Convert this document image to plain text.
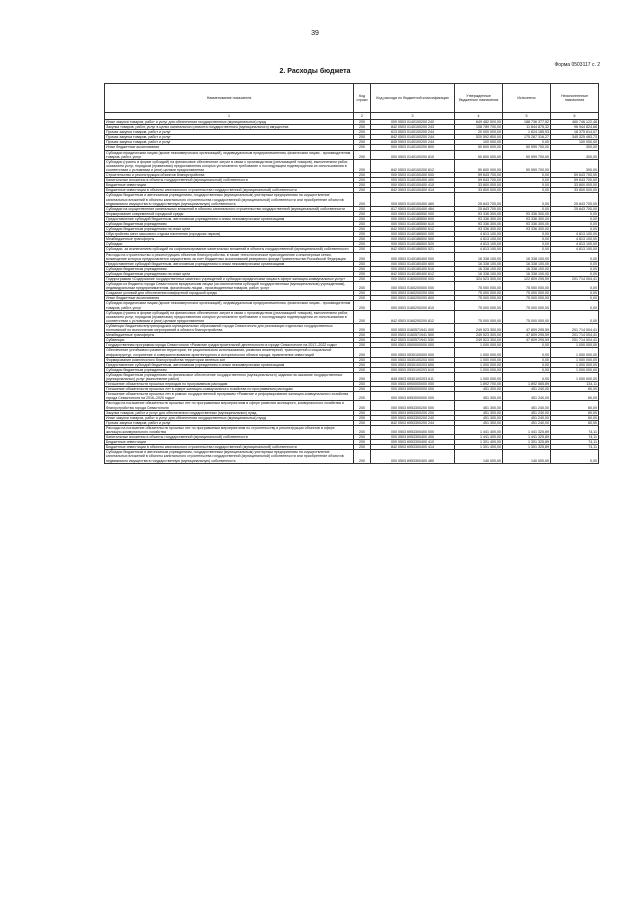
39
Форма 0503117 с. 2
2. Расходы бюджета
Наименование показателя	Код строки	Код расхода по бюджетной классификации	Утвержденные бюджетные назначения	Исполнено	Неисполненные назначения
1	2	3	4	5	6
Иные закупки товаров, работ и услуг для обеспечения государственных (муниципальных) нужд	200	000 0503 0140100200 240	649 482 500,00	188 736 377,52	460 746 122,48
Закупка товаров, работ, услуг в целях капитального ремонта государственного (муниципального) имущества	200	842 0503 0140100200 243	108 789 700,00	11 844 875,32	96 944 824,68
Прочая закупка товаров, работ и услуг	200	613 0503 0140100200 244	20 000 000,00	1 624 185,93	18 375 814,07
Прочая закупка товаров, работ и услуг	200	842 0503 0140100200 244	520 592 800,00	175 267 316,27	345 325 483,73
Прочая закупка товаров, работ и услуг	200	845 0503 0140100200 244	100 000,00	0,00	100 000,00
Иные бюджетные ассигнования	200	000 0503 0140100200 800	50 600 000,00	50 599 700,00	300,00
Субсидии юридическим лицам (кроме некоммерческих организаций), индивидуальным предпринимателям, физическим лицам - производителям товаров, работ, услуг	200	000 0503 0140100200 810	50 600 000,00	50 599 700,00	300,00
Субсидии (гранты в форме субсидий) на финансовое обеспечение затрат в связи с производством (реализацией товаров), выполнением работ, оказанием услуг, порядком (правилами) предоставления которых установлено требование о последующем подтверждении их использования в соответствии с условиями и (или) целями предоставления	200	842 0503 0140100200 812	50 600 000,00	50 599 700,00	300,00
Строительство и реконструкция объектов благоустройства	200	000 0503 0140100400 000	59 643 700,00	0,00	59 643 700,00
Капитальные вложения в объекты государственной (муниципальной) собственности	200	000 0503 0140100400 400	59 643 700,00	0,00	59 643 700,00
Бюджетные инвестиции	200	000 0503 0140100400 410	33 800 000,00	0,00	33 800 000,00
Бюджетные инвестиции в объекты капитального строительства государственной (муниципальной) собственности	200	842 0503 0140100400 414	33 800 000,00	0,00	33 800 000,00
Субсидии бюджетным и автономным учреждениям, государственным (муниципальным) унитарным предприятиям на осуществление капитальных вложений в объекты капитального строительства государственной (муниципальной) собственности или приобретение объектов недвижимого имущества в государственную (муниципальную) собственность	200	000 0503 0140100400 460	25 843 700,00	0,00	25 843 700,00
Субсидии на осуществление капитальных вложений в объекты капитального строительства государственной (муниципальной) собственности	200	817 0503 0140100400 464	25 843 700,00	0,00	25 843 700,00
Формирование современной городской среды	200	000 0503 0140185550 000	93 336 300,00	93 336 300,00	0,00
Предоставление субсидий бюджетным, автономным учреждениям и иным некоммерческим организациям	200	000 0503 0140185550 600	93 336 300,00	93 336 300,00	0,00
Субсидии бюджетным учреждениям	200	000 0503 0140185550 610	93 336 300,00	93 336 300,00	0,00
Субсидии бюджетным учреждениям на иные цели	200	842 0503 0140185550 612	93 336 300,00	93 336 300,00	0,00
Обустройство мест массового отдыха населения (городских парков)	200	000 0503 0140186500 000	4 813 100,00	0,00	4 813 100,00
Межбюджетные трансферты	200	000 0503 0140186500 500	4 813 100,00	0,00	4 813 100,00
Субсидии	200	000 0503 0140186500 520	4 813 100,00	0,00	4 813 100,00
Субсидии, за исключением субсидий на софинансирование капитальных вложений в объекты государственной (муниципальной) собственности	200	842 0503 0140186500 521	4 813 100,00	0,00	4 813 100,00
Расходы на строительство и реконструкцию объектов благоустройства, в также технологическое присоединение к инженерным сетям, возмещение которых предполагается осуществить за счет бюджетных ассигнований резервного фонда Правительства Российской Федерации	200	000 0503 0140180400 000	16 338 100,00	16 338 100,00	0,00
Предоставление субсидий бюджетным, автономным учреждениям и иным некоммерческим организациям	200	000 0503 0140180400 600	16 338 100,00	16 338 100,00	0,00
Субсидии бюджетным учреждениям	200	000 0503 0140180400 610	16 338 100,00	16 338 100,00	0,00
Субсидии бюджетным учреждениям на иные цели	200	842 0503 0140180400 612	16 338 100,00	16 338 100,00	0,00
Подпрограмма «Содержание государственных казенных учреждений и субсидии юридическим лицам в сфере жилищно-коммунальных услуг»	200	000 0503 0160000000 000	324 523 300,00	122 809 295,59	201 714 004,41
Субсидии из бюджета города Севастополя юридическим лицам (за исключением субсидий государственным (муниципальным) учреждениям), индивидуальным предпринимателям, физическим лицам - производителям товаров, работ, услуг	200	000 0503 0160200000 000	75 000 000,00	75 000 000,00	0,00
Создание условий для обеспечения комфортной городской среды	200	000 0503 0160200200 000	75 000 000,00	75 000 000,00	0,00
Иные бюджетные ассигнования	200	000 0503 0160200200 800	75 000 000,00	75 000 000,00	0,00
Субсидии юридическим лицам (кроме некоммерческих организаций), индивидуальным предпринимателям, физическим лицам - производителям товаров, работ, услуг	200	000 0503 0160200200 810	75 000 000,00	75 000 000,00	0,00
Субсидии (гранты в форме субсидий) на финансовое обеспечение затрат в связи с производством (реализацией товаров), выполнением работ, оказанием услуг, порядком (правилами) предоставления которых установлено требование о последующем подтверждении их использования в соответствии с условиями и (или) целями предоставления	200	842 0503 0160200200 812	75 000 000,00	75 000 000,00	0,00
Субвенции бюджетам внутригородских муниципальных образований города Севастополя для реализации отдельных государственных полномочий по выполнению мероприятий в области благоустройства	200	000 0503 0160571941 000	249 523 300,00	47 809 295,59	201 714 004,41
Межбюджетные трансферты	200	000 0503 0160571941 500	249 523 300,00	47 809 295,59	201 714 004,41
Субвенции	200	842 0503 0160571941 530	249 523 300,00	47 809 295,59	201 714 004,41
Государственная программа города Севастополя «Развитие градостроительной деятельности в городе Севастополе на 2017–2022 годы»	200	000 0503 0500000000 000	1 000 000,00	0,00	1 000 000,00
Обеспечение устойчивого развития территории, ее рационального использования, развития инженерной, транспортной и социальной инфраструктур, сохранение и совершенствование архитектурного и исторического облика города, привлечение инвестиций	200	000 0503 0530100000 000	1 000 000,00	0,00	1 000 000,00
Формирование комплексного благоустройства территории зеленых зон	200	000 0503 0530100203 000	1 000 000,00	0,00	1 000 000,00
Предоставление субсидий бюджетным, автономным учреждениям и иным некоммерческим организациям	200	000 0503 0530100203 600	1 000 000,00	0,00	1 000 000,00
Субсидии бюджетным учреждениям	200	000 0503 0530100203 610	1 000 000,00	0,00	1 000 000,00
Субсидии бюджетным учреждениям на финансовое обеспечение государственного (муниципального) задания на оказание государственных (муниципальных) услуг (выполнение работ)	200	845 0503 0530100203 611	1 000 000,00	0,00	1 000 000,00
Погашение обязательств прошлых периодов по программным расходам	200	000 0503 6900000000 000	1 892 700,00	1 892 565,89	134,11
Погашение обязательств прошлых лет в сфере жилищно-коммунального хозяйства по программным расходам	200	000 0503 6950000000 000	451 300,00	451 240,00	60,00
Погашение обязательств прошлых лет в рамках государственной программы «Развитие и реформирование жилищно-коммунального хозяйства города Севастополя на 2016–2020 годы»	200	000 0503 6953000000 000	451 300,00	451 240,00	60,00
Расходы на погашение обязательств прошлых лет по программным мероприятиям в сфере развития жилищного, коммунального хозяйства и благоустройства города Севастополя	200	000 0503 6953300200 000	451 300,00	451 240,00	60,00
Закупка товаров, работ и услуг для обеспечения государственных (муниципальных) нужд	200	000 0503 6953300200 200	451 300,00	451 240,00	60,00
Иные закупки товаров, работ и услуг для обеспечения государственных (муниципальных) нужд	200	000 0503 6953300200 240	451 300,00	451 240,00	60,00
Прочая закупка товаров, работ и услуг	200	842 0503 6953300200 244	451 300,00	451 240,00	60,00
Расходы на погашение обязательств прошлых лет по программным мероприятиям по строительству и реконструкции объектов в сфере жилищно-коммунального хозяйства	200	000 0503 6953300400 000	1 441 400,00	1 441 325,89	74,11
Капитальные вложения в объекты государственной (муниципальной) собственности	200	000 0503 6953300400 400	1 441 400,00	1 441 325,89	74,11
Бюджетные инвестиции	200	000 0503 6953300400 410	1 301 400,00	1 301 325,89	74,11
Бюджетные инвестиции в объекты капитального строительства государственной (муниципальной) собственности	200	842 0503 6953300400 414	1 301 400,00	1 301 325,89	74,11
Субсидии бюджетным и автономным учреждениям, государственным (муниципальным) унитарным предприятиям на осуществление капитальных вложений в объекты капитального строительства государственной (муниципальной) собственности или приобретение объектов недвижимого имущества в государственную (муниципальную) собственность	200	000 0503 6953300400 460	140 000,00	140 000,00	0,00
